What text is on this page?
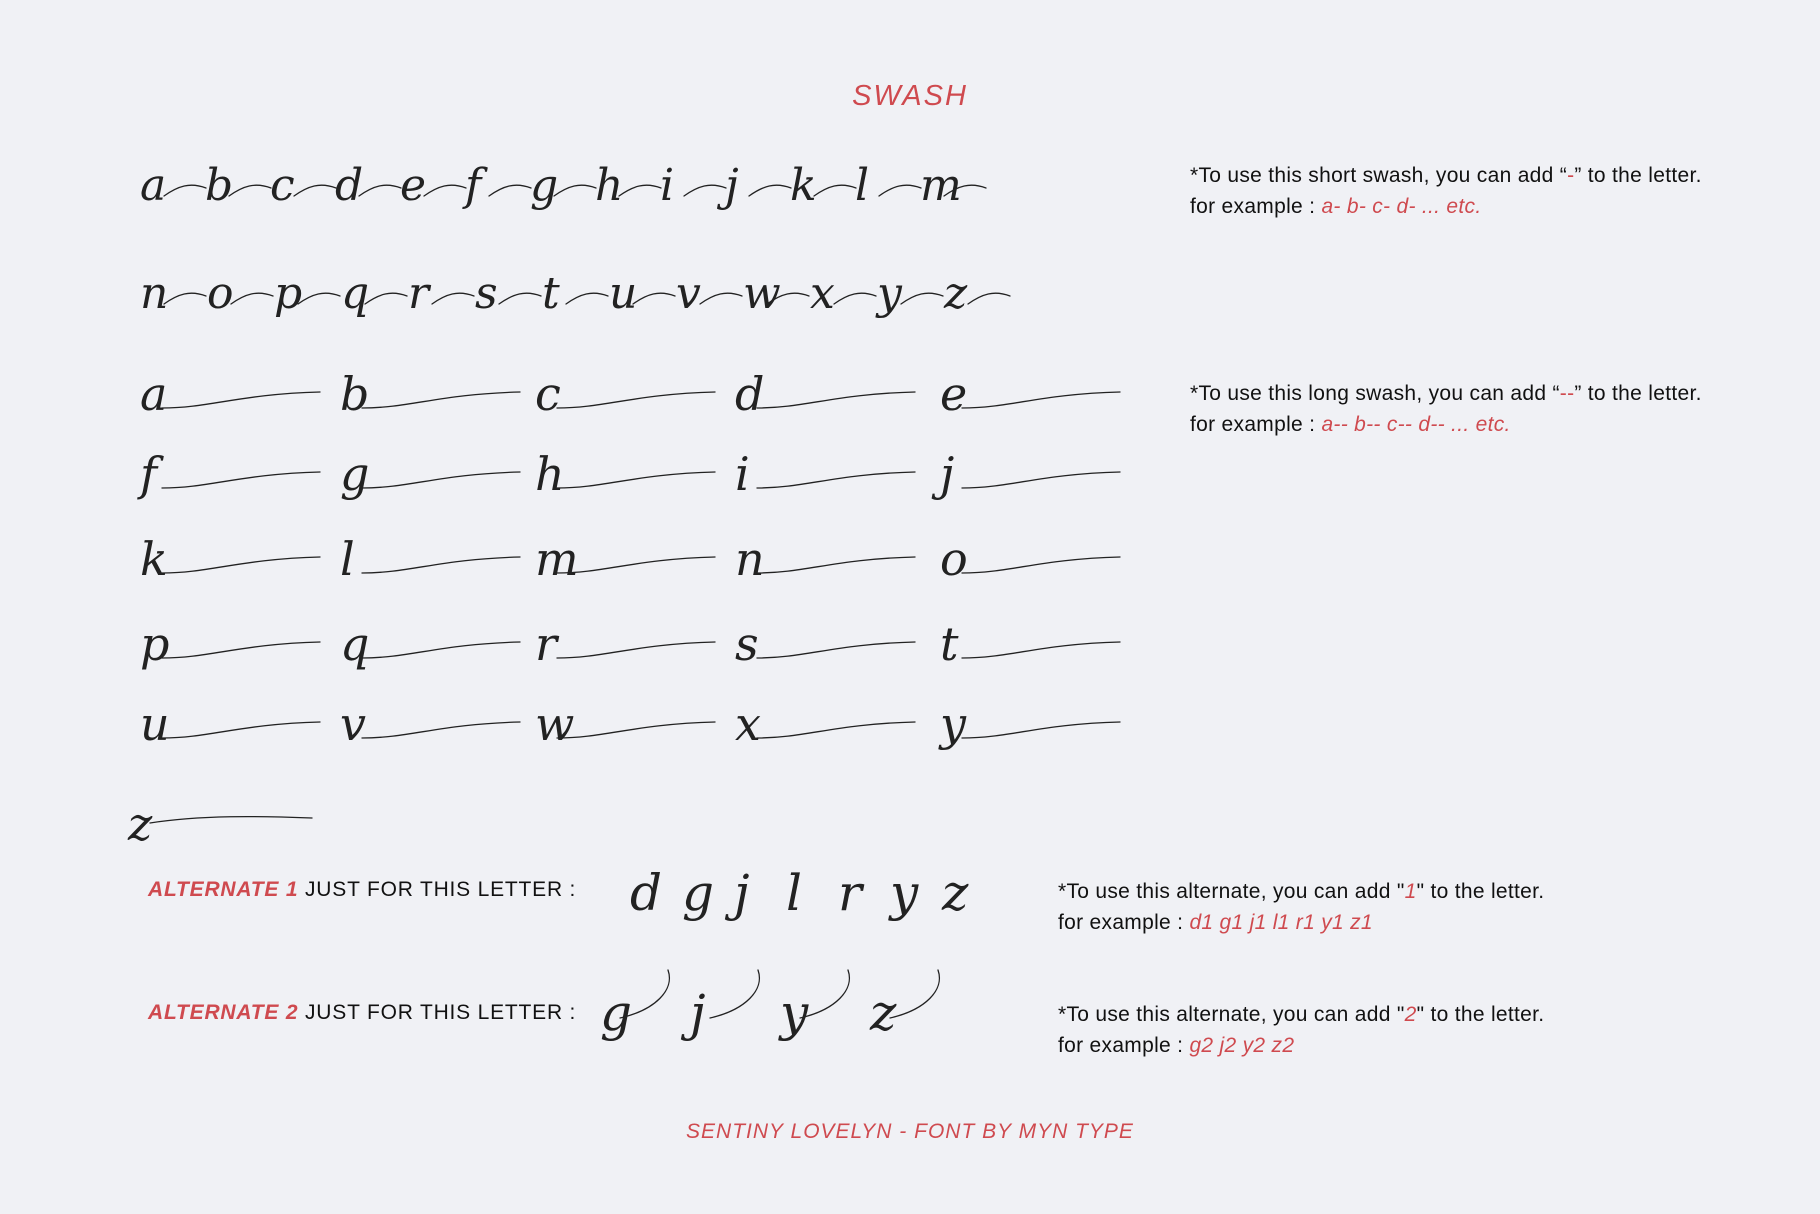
SWASH
a b c d e f g h i j k l m
n o p q r s t u v w x y z
a	b	c	d	e
f	g	h	i	j
k	l	m	n	o
p	q	r	s	t
u	v	w	x	y
z
d g j l r y z
g j y z
*To use this short swash, you can add “-” to the letter.
for example : a- b- c- d- ... etc.
*To use this long swash, you can add “--” to the letter.
for example : a-- b-- c-- d-- ... etc.
ALTERNATE 1 JUST FOR THIS LETTER :	*To use this alternate, you can add "1" to the letter.
for example : d1 g1 j1 l1 r1 y1 z1
ALTERNATE 2 JUST FOR THIS LETTER :	*To use this alternate, you can add "2" to the letter.
for example : g2 j2 y2 z2
SENTINY LOVELYN - FONT BY MYN TYPE
